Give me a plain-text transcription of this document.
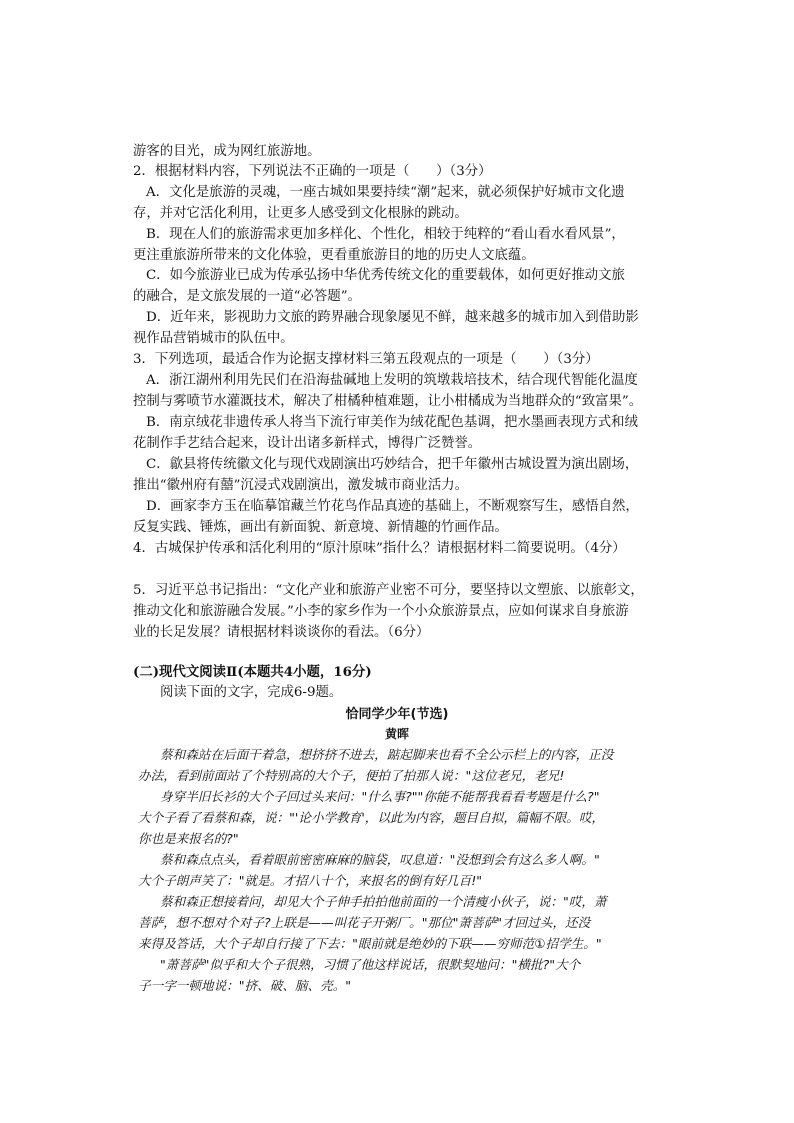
游客的目光，成为网红旅游地。
2．根据材料内容，下列说法不正确的一项是（　　）（3分）
A．文化是旅游的灵魂，一座古城如果要持续“潮”起来，就必须保护好城市文化遗
存，并对它活化利用，让更多人感受到文化根脉的跳动。
B．现在人们的旅游需求更加多样化、个性化，相较于纯粹的“看山看水看风景”，
更注重旅游所带来的文化体验，更看重旅游目的地的历史人文底蕴。
C．如今旅游业已成为传承弘扬中华优秀传统文化的重要载体，如何更好推动文旅
的融合，是文旅发展的一道“必答题”。
D．近年来，影视助力文旅的跨界融合现象屡见不鲜，越来越多的城市加入到借助影
视作品营销城市的队伍中。
3．下列选项，最适合作为论据支撑材料三第五段观点的一项是（　　）（3分）
A．浙江湖州利用先民们在沿海盐碱地上发明的筑墩栽培技术，结合现代智能化温度
控制与雾喷节水灌溉技术，解决了柑橘种植难题，让小柑橘成为当地群众的“致富果”。
B．南京绒花非遗传承人将当下流行审美作为绒花配色基调，把水墨画表现方式和绒
花制作手艺结合起来，设计出诸多新样式，博得广泛赞誉。
C．歙县将传统徽文化与现代戏剧演出巧妙结合，把千年徽州古城设置为演出剧场，
推出“徽州府有囍”沉浸式戏剧演出，激发城市商业活力。
D．画家李方玉在临摹馆藏兰竹花鸟作品真迹的基础上，不断观察写生，感悟自然，
反复实践、锤炼，画出有新面貌、新意境、新情趣的竹画作品。
4．古城保护传承和活化利用的“原汁原味”指什么？请根据材料二简要说明。（4分）
5．习近平总书记指出：“文化产业和旅游产业密不可分，要坚持以文塑旅、以旅彰文，
推动文化和旅游融合发展。”小李的家乡作为一个小众旅游景点，应如何谋求自身旅游
业的长足发展？请根据材料谈谈你的看法。（6分）
(二)现代文阅读Ⅱ(本题共4小题，16分)
阅读下面的文字，完成6-9题。
恰同学少年(节选)
黄晖
蔡和森站在后面干着急，想挤挤不进去，踮起脚来也看不全公示栏上的内容，正没
办法，看到前面站了个特别高的大个子，便拍了拍那人说："这位老兄，老兄!
身穿半旧长衫的大个子回过头来问："什么事?""你能不能帮我看看考题是什么?"
大个子看了看蔡和森，说："'论小学教育'，以此为内容，题目自拟，篇幅不限。哎，
你也是来报名的?"
蔡和森点点头，看着眼前密密麻麻的脑袋，叹息道："没想到会有这么多人啊。"
大个子朗声笑了："就是。才招八十个，来报名的倒有好几百!"
蔡和森正想接着问，却见大个子伸手拍拍他前面的一个清瘦小伙子，说："哎，萧
菩萨，想不想对个对子?上联是——叫花子开粥厂。"那位"萧菩萨"才回过头，还没
来得及答话，大个子却自行接了下去："眼前就是绝妙的下联——穷师范①招学生。"
"萧菩萨"似乎和大个子很熟，习惯了他这样说话，很默契地问："横批?"大个
子一字一顿地说："挤、破、脑、壳。"
